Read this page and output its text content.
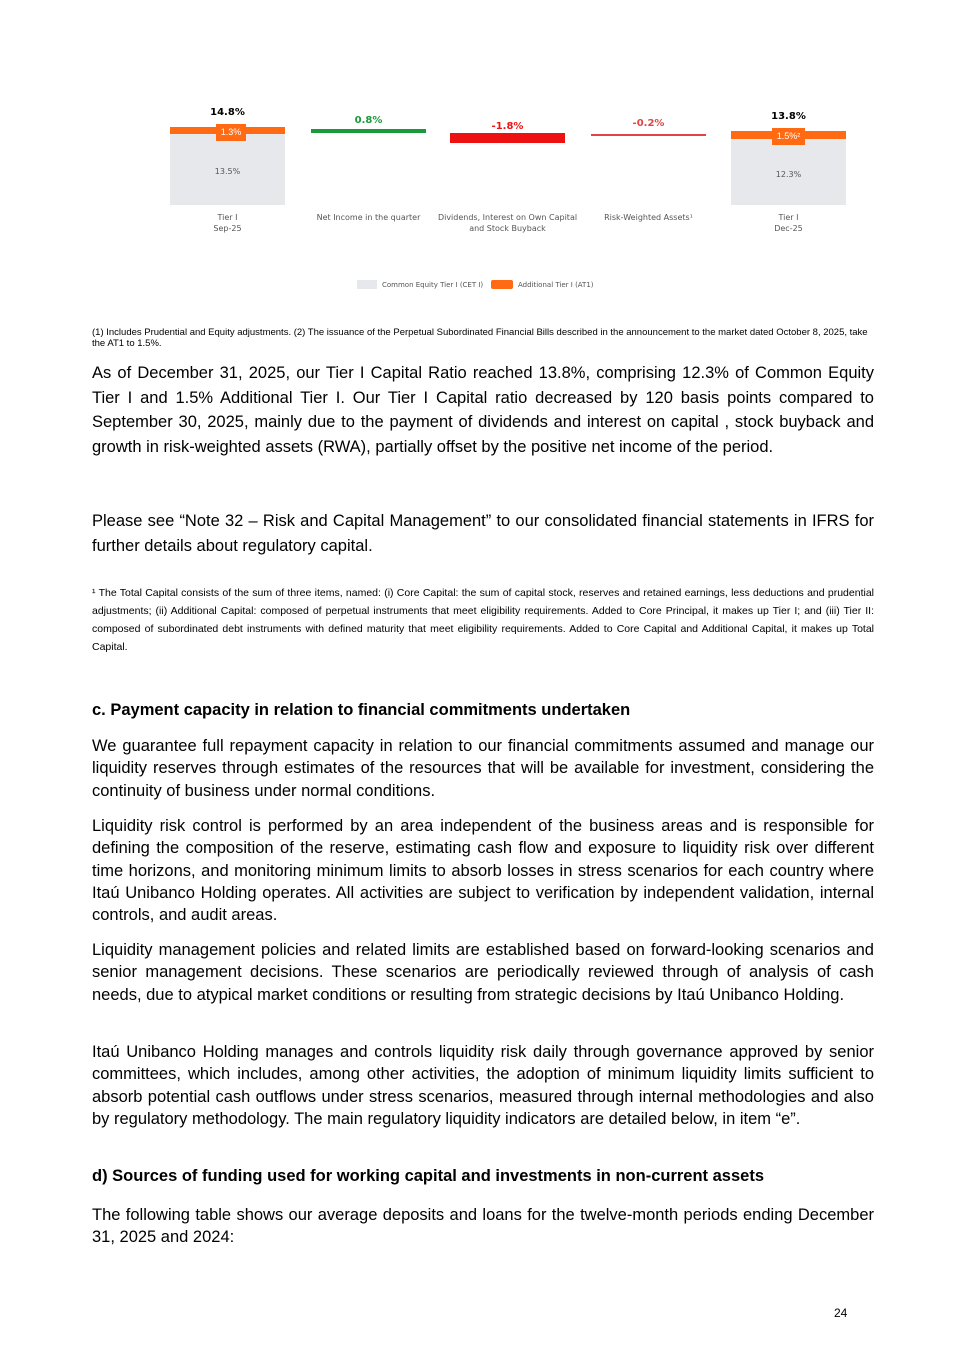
14.8%
1.3%
13.5%
0.8%
-1.8%	-0.2%
13.8%
1.5%²
12.3%
Tier I
Sep-25
Net Income in the quarter	Dividends, Interest on Own Capital
and Stock Buyback
Risk-Weighted Assets¹	Tier I
Dec-25
Common Equity Tier I (CET I)	Additional Tier I (AT1)
(1) Includes Prudential and Equity adjustments. (2) The issuance of the Perpetual Subordinated Financial Bills described in the announcement to the market dated October 8, 2025, take the AT1 to 1.5%.
As of December 31, 2025, our Tier I Capital Ratio reached 13.8%, comprising 12.3% of Common Equity Tier I and 1.5% Additional Tier I. Our Tier I Capital ratio decreased by 120 basis points compared to September 30, 2025, mainly due to the payment of dividends and interest on capital , stock buyback and growth in risk-weighted assets (RWA), partially offset by the positive net income of the period.
Please see “Note 32 – Risk and Capital Management” to our consolidated financial statements in IFRS for further details about regulatory capital.
¹ The Total Capital consists of the sum of three items, named: (i) Core Capital: the sum of capital stock, reserves and retained earnings, less deductions and prudential adjustments; (ii) Additional Capital: composed of perpetual instruments that meet eligibility requirements. Added to Core Principal, it makes up Tier I; and (iii) Tier II: composed of subordinated debt instruments with defined maturity that meet eligibility requirements. Added to Core Capital and Additional Capital, it makes up Total Capital.
c. Payment capacity in relation to financial commitments undertaken
We guarantee full repayment capacity in relation to our financial commitments assumed and manage our liquidity reserves through estimates of the resources that will be available for investment, considering the continuity of business under normal conditions.
Liquidity risk control is performed by an area independent of the business areas and is responsible for defining the composition of the reserve, estimating cash flow and exposure to liquidity risk over different time horizons, and monitoring minimum limits to absorb losses in stress scenarios for each country where Itaú Unibanco Holding operates. All activities are subject to verification by independent validation, internal controls, and audit areas.
Liquidity management policies and related limits are established based on forward-looking scenarios and senior management decisions. These scenarios are periodically reviewed through of analysis of cash needs, due to atypical market conditions or resulting from strategic decisions by Itaú Unibanco Holding.
Itaú Unibanco Holding manages and controls liquidity risk daily through governance approved by senior committees, which includes, among other activities, the adoption of minimum liquidity limits sufficient to absorb potential cash outflows under stress scenarios, measured through internal methodologies and also by regulatory methodology. The main regulatory liquidity indicators are detailed below, in item “e”.
d) Sources of funding used for working capital and investments in non-current assets
The following table shows our average deposits and loans for the twelve-month periods ending December 31, 2025 and 2024:
24
